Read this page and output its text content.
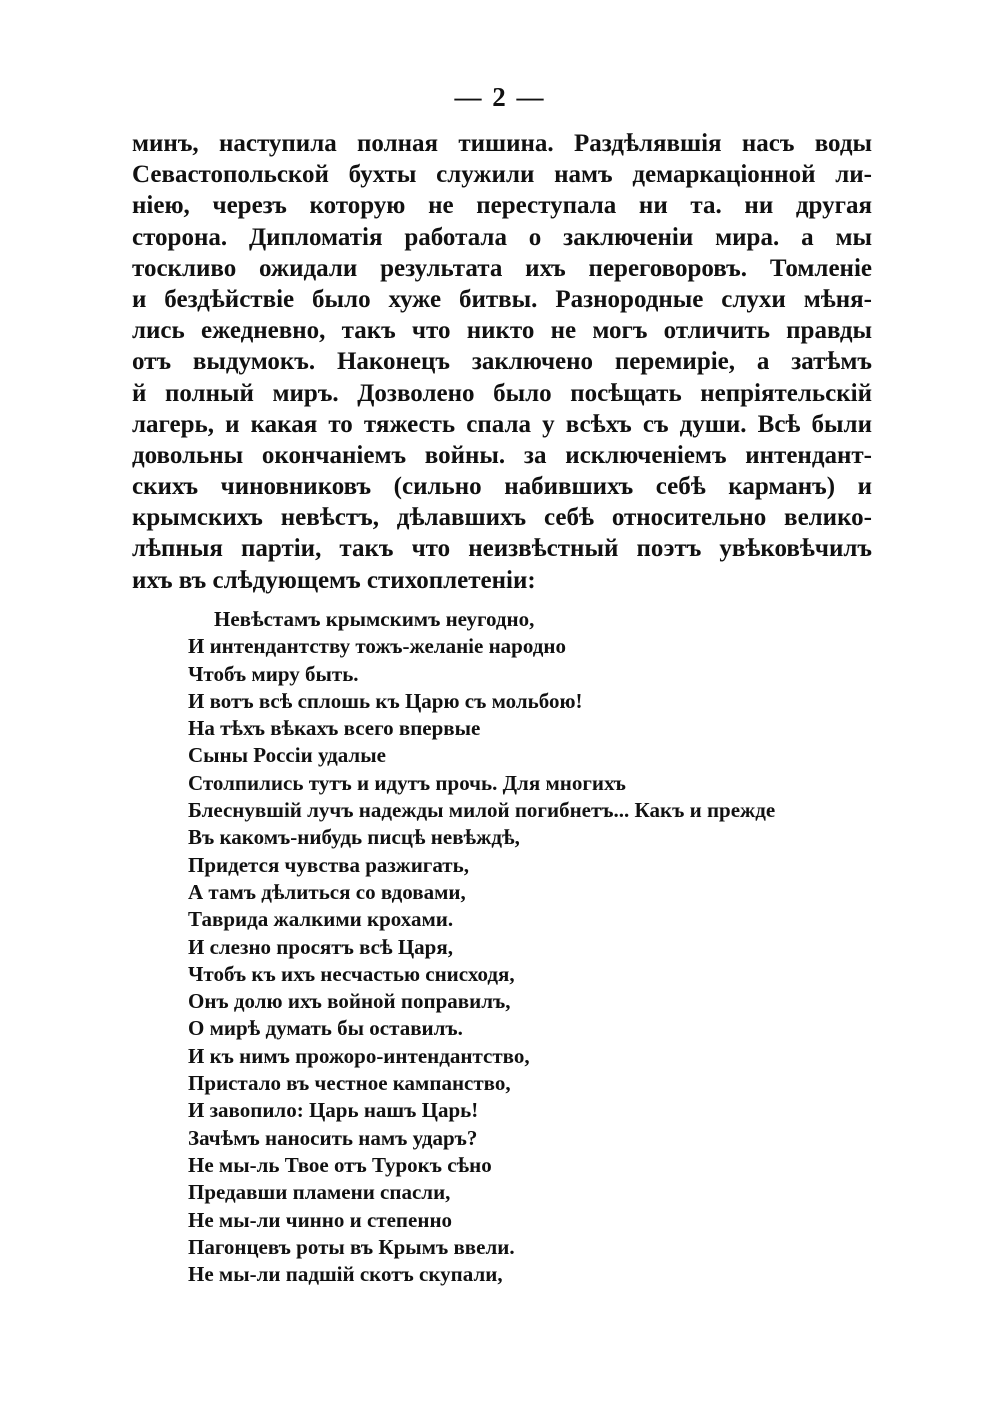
— 2 —
минъ, наступила полная тишина. Раздѣлявшія насъ воды
Севастопольской бухты служили намъ демаркаціонной ли-
ніею, черезъ которую не переступала ни та. ни другая
сторона. Дипломатія работала о заключеніи мира. а мы
тоскливо ожидали результата ихъ переговоровъ. Томленіе
и бездѣйствіе было хуже битвы. Разнородные слухи мѣня-
лись ежедневно, такъ что никто не могъ отличить правды
отъ выдумокъ. Наконецъ заключено перемиріе, а затѣмъ
й полный миръ. Дозволено было посѣщать непріятельскій
лагерь, и какая то тяжесть спала у всѣхъ съ души. Всѣ были
довольны окончаніемъ войны. за исключеніемъ интендант-
скихъ чиновниковъ (сильно набившихъ себѣ карманъ) и
крымскихъ невѣстъ, дѣлавшихъ себѣ относительно велико-
лѣпныя партіи, такъ что неизвѣстный поэтъ увѣковѣчилъ
ихъ въ слѣдующемъ стихоплетеніи:
Невѣстамъ крымскимъ неугодно,
И интендантству тожъ-желаніе народно
Чтобъ миру быть.
И вотъ всѣ сплошь къ Царю съ мольбою!
На тѣхъ вѣкахъ всего впервые
Сыны Россіи удалые
Столпились тутъ и идутъ прочь. Для многихъ
Блеснувшій лучъ надежды милой погибнетъ... Какъ и прежде
Въ какомъ-нибудь писцѣ невѣждѣ,
Придется чувства разжигать,
А тамъ дѣлиться со вдовами,
Таврида жалкими крохами.
И слезно просятъ всѣ Царя,
Чтобъ къ ихъ несчастью снисходя,
Онъ долю ихъ войной поправилъ,
О мирѣ думать бы оставилъ.
И къ нимъ прожоро-интендантство,
Пристало въ честное кампанство,
И завопило: Царь нашъ Царь!
Зачѣмъ наносить намъ ударъ?
Не мы-ль Твое отъ Турокъ сѣно
Предавши пламени спасли,
Не мы-ли чинно и степенно
Пагонцевъ роты въ Крымъ ввели.
Не мы-ли падшій скотъ скупали,
